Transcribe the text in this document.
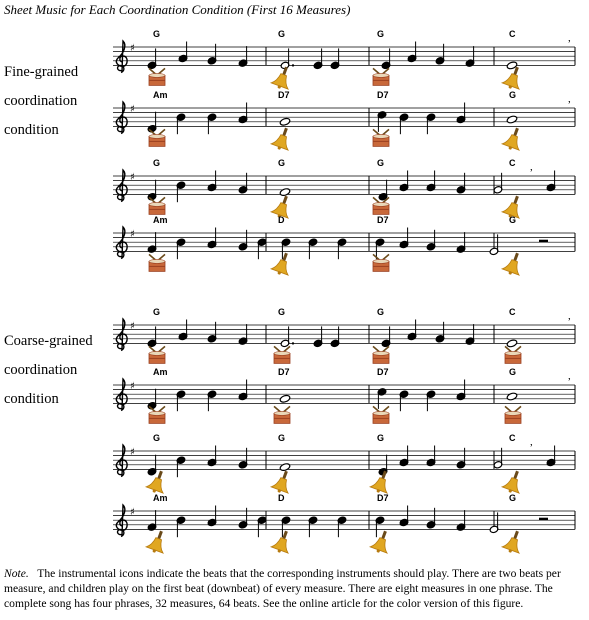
Sheet Music for Each Coordination Condition (First 16 Measures)
Fine-grained
coordination
condition
Coarse-grained
coordination
condition
♯
,
G	G	G	C
♯
,
Am	D7	D7	G
♯
,
G	G	G	C
♯
Am	D	D7	G
♯
,
G	G	G	C
♯
,
Am	D7	D7	G
♯
,
G	G	G	C
♯
Am	D	D7	G
Note. The instrumental icons indicate the beats that the corresponding instruments should play. There are two beats per measure, and children play on the first beat (downbeat) of every measure. There are eight measures in one phrase. The complete song has four phrases, 32 measures, 64 beats. See the online article for the color version of this figure.
